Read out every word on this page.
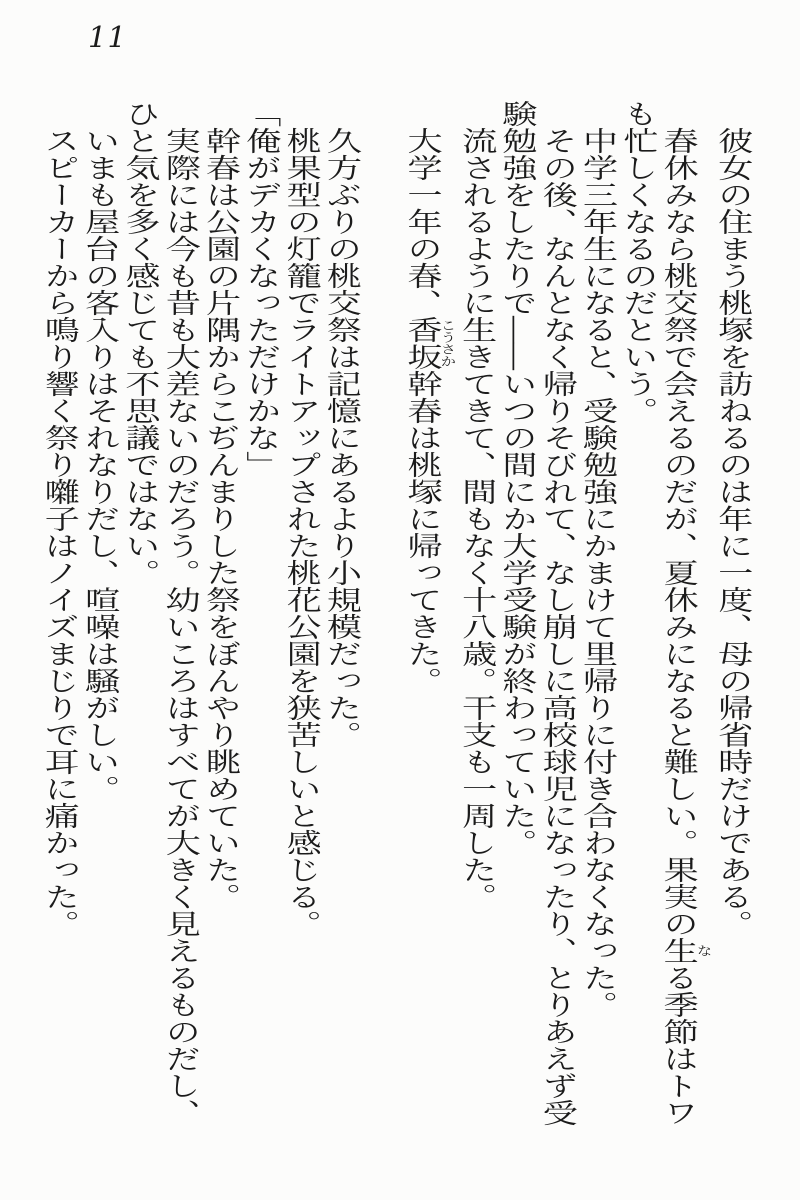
11

彼女の住まう桃塚を訪ねるのは年に一度、母の帰省時だけである。

春休みなら桃交祭で会えるのだが、夏休みになると難しい。果実の生なる季節はトワも忙しくなるのだという。

中学三年生になると、受験勉強にかまけて里帰りに付き合わなくなった。

その後、なんとなく帰りそびれて、なし崩しに高校球児になったり、とりあえず受験勉強をしたりで――いつの間にか大学受験が終わっていた。

流されるように生きてきて、間もなく十八歳。干支も一周した。

大学一年の春、香坂こうさか幹春は桃塚に帰ってきた。

久方ぶりの桃交祭は記憶にあるより小規模だった。

桃果型の灯籠でライトアップされた桃花公園を狭苦しいと感じる。

「俺がデカくなっただけかな」

幹春は公園の片隅からこぢんまりした祭をぼんやり眺めていた。

実際には今も昔も大差ないのだろう。幼いころはすべてが大きく見えるものだし、ひと気を多く感じても不思議ではない。

いまも屋台の客入りはそれなりだし、喧噪は騒がしい。

スピーカーから鳴り響く祭り囃子はノイズまじりで耳に痛かった。
